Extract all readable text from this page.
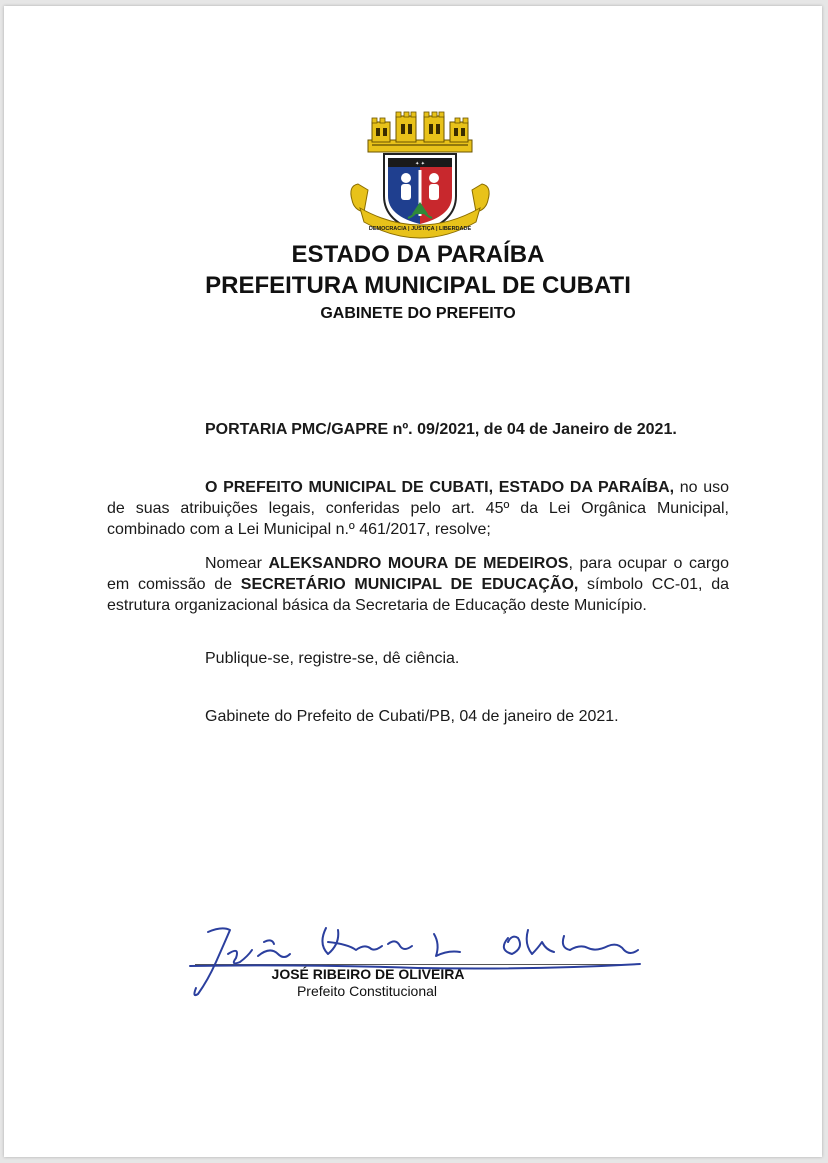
✦ ✦
DEMOCRACIA | JUSTIÇA | LIBERDADE
ESTADO DA PARAÍBA
PREFEITURA MUNICIPAL DE CUBATI
GABINETE DO PREFEITO
PORTARIA PMC/GAPRE nº. 09/2021, de 04 de Janeiro de 2021.
O PREFEITO MUNICIPAL DE CUBATI, ESTADO DA PARAÍBA, no uso de suas atribuições legais, conferidas pelo art. 45º da Lei Orgânica Municipal, combinado com a Lei Municipal n.º 461/2017, resolve;
Nomear ALEKSANDRO MOURA DE MEDEIROS, para ocupar o cargo em comissão de SECRETÁRIO MUNICIPAL DE EDUCAÇÃO, símbolo CC-01, da estrutura organizacional básica da Secretaria de Educação deste Município.
Publique-se, registre-se, dê ciência.
Gabinete do Prefeito de Cubati/PB, 04 de janeiro de 2021.
JOSÉ RIBEIRO DE OLIVEIRA
Prefeito Constitucional
